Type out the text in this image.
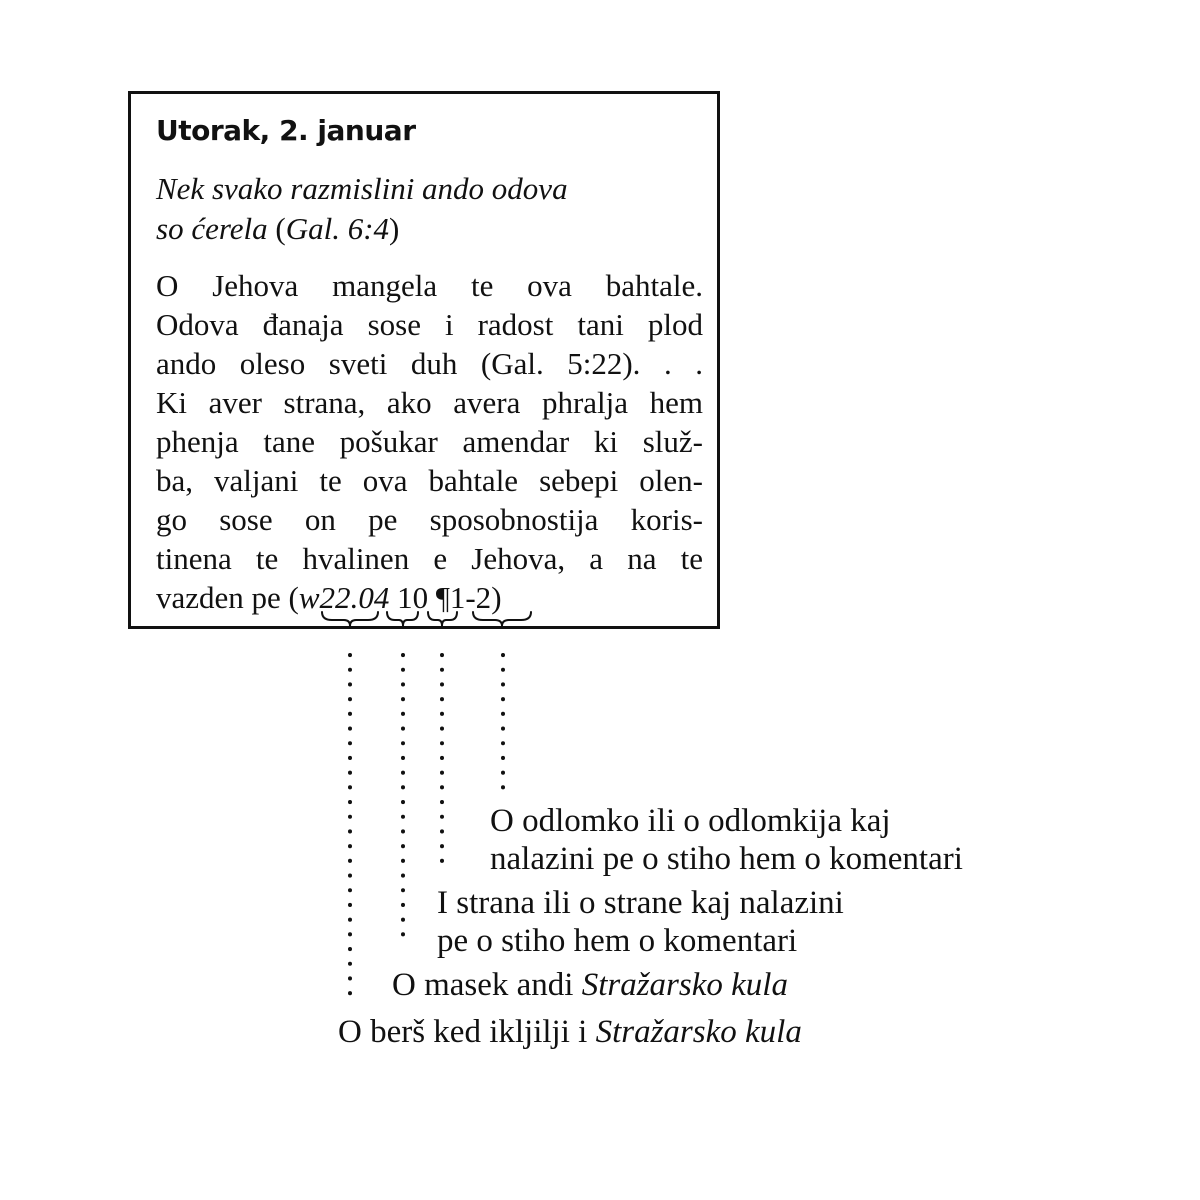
Utorak, 2. januar
Nek svako razmislini ando odova
so ćerela (Gal. 6:4)
O Jehova mangela te ova bahtale.
Odova đanaja sose i radost tani plod
ando oleso sveti duh (Gal. 5:22). . .
Ki aver strana, ako avera phralja hem
phenja tane pošukar amendar ki služ-
ba, valjani te ova bahtale sebepi olen-
go sose on pe sposobnostija koris-
tinena te hvalinen e Jehova, a na te
vazden pe (w22.04 10 ¶1-2)
O odlomko ili o odlomkija kaj
nalazini pe o stiho hem o komentari
I strana ili o strane kaj nalazini
pe o stiho hem o komentari
O masek andi Stražarsko kula
O berš ked ikljilji i Stražarsko kula
